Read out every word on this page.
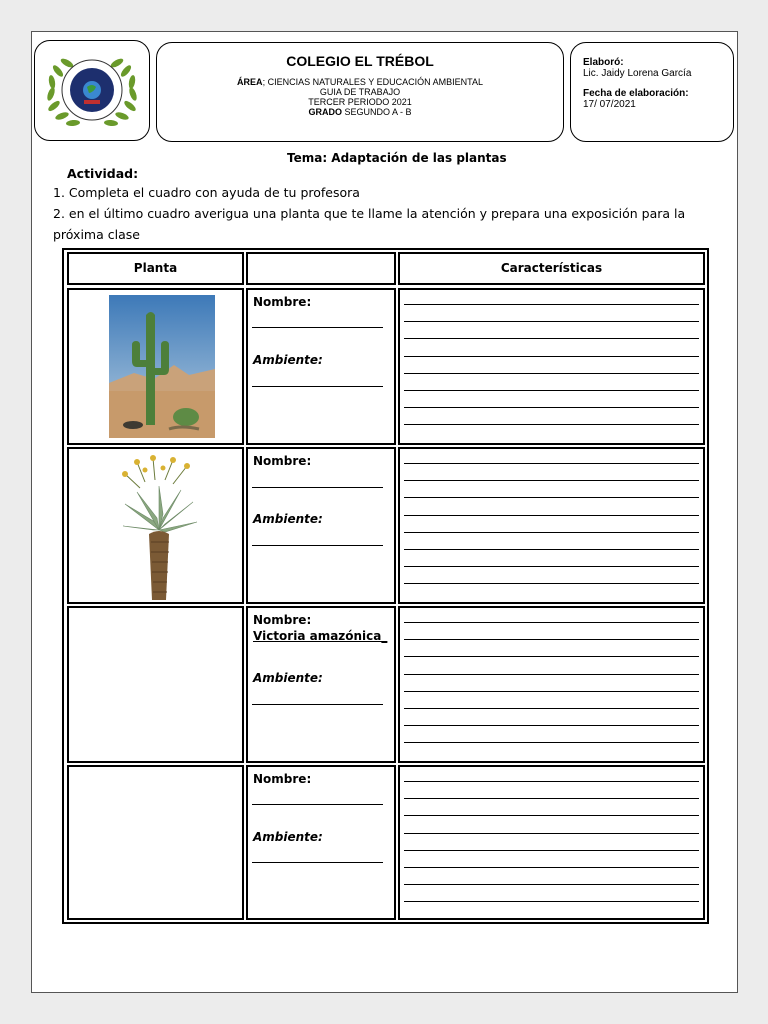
COLEGIO EL TRÉBOL
ÁREA; CIENCIAS NATURALES Y EDUCACIÓN AMBIENTAL
GUIA DE TRABAJO
TERCER PERIODO 2021
GRADO SEGUNDO A - B
Elaboró:
Lic. Jaidy Lorena García
Fecha de elaboración:
17/ 07/2021
Tema: Adaptación de las plantas
Actividad:
1. Completa el cuadro con ayuda de tu profesora
2. en el último cuadro averigua una planta que te llame la atención y prepara una exposición para la próxima clase
Planta	Características
Nombre:
Ambiente:
Nombre:
Ambiente:
Nombre:
Victoria amazónica_
Ambiente:
Nombre:
Ambiente:
